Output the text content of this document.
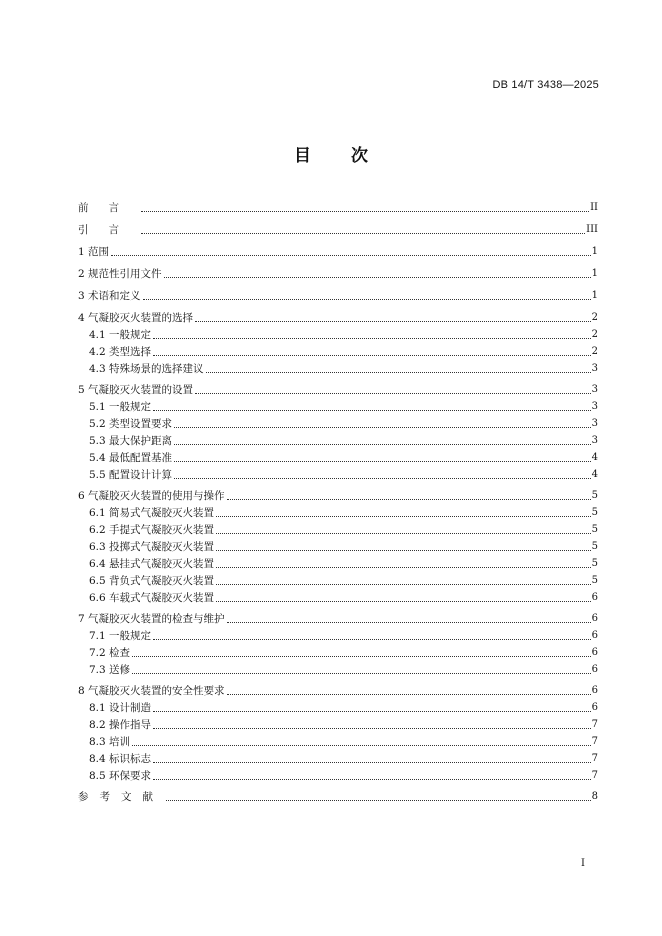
DB 14/T 3438—2025
目 次
前言	II
引言	III
1 范围	1
2 规范性引用文件	1
3 术语和定义	1
4 气凝胶灭火装置的选择	2
4.1 一般规定	2
4.2 类型选择	2
4.3 特殊场景的选择建议	3
5 气凝胶灭火装置的设置	3
5.1 一般规定	3
5.2 类型设置要求	3
5.3 最大保护距离	3
5.4 最低配置基准	4
5.5 配置设计计算	4
6 气凝胶灭火装置的使用与操作	5
6.1 简易式气凝胶灭火装置	5
6.2 手提式气凝胶灭火装置	5
6.3 投掷式气凝胶灭火装置	5
6.4 悬挂式气凝胶灭火装置	5
6.5 背负式气凝胶灭火装置	5
6.6 车载式气凝胶灭火装置	6
7 气凝胶灭火装置的检查与维护	6
7.1 一般规定	6
7.2 检查	6
7.3 送修	6
8 气凝胶灭火装置的安全性要求	6
8.1 设计制造	6
8.2 操作指导	7
8.3 培训	7
8.4 标识标志	7
8.5 环保要求	7
参考文献	8
I
